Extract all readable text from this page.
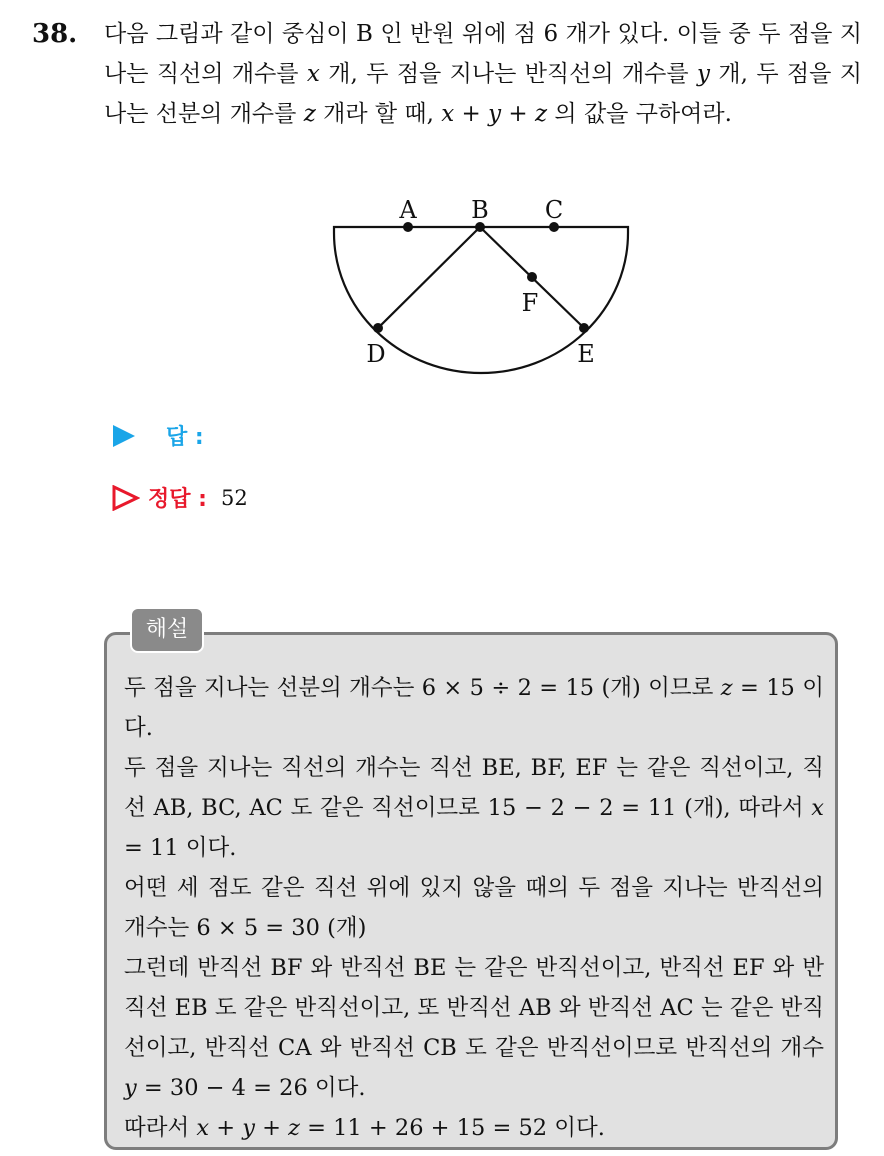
38. 다음 그림과 같이 중심이 B 인 반원 위에 점 6 개가 있다. 이들 중 두 점을 지나는 직선의 개수를 x 개, 두 점을 지나는 반직선의 개수를 y 개, 두 점을 지나는 선분의 개수를 z 개라 할 때, x + y + z 의 값을 구하여라.
A B C
F
D	E
답 :
정답 : 52
해설

두 점을 지나는 선분의 개수는 6 × 5 ÷ 2 = 15 (개) 이므로 z = 15 이다.

두 점을 지나는 직선의 개수는 직선 BE, BF, EF 는 같은 직선이고, 직선 AB, BC, AC 도 같은 직선이므로 15 − 2 − 2 = 11 (개), 따라서 x = 11 이다.

어떤 세 점도 같은 직선 위에 있지 않을 때의 두 점을 지나는 반직선의 개수는 6 × 5 = 30 (개)

그런데 반직선 BF 와 반직선 BE 는 같은 반직선이고, 반직선 EF 와 반직선 EB 도 같은 반직선이고, 또 반직선 AB 와 반직선 AC 는 같은 반직선이고, 반직선 CA 와 반직선 CB 도 같은 반직선이므로 반직선의 개수 y = 30 − 4 = 26 이다.

따라서 x + y + z = 11 + 26 + 15 = 52 이다.
